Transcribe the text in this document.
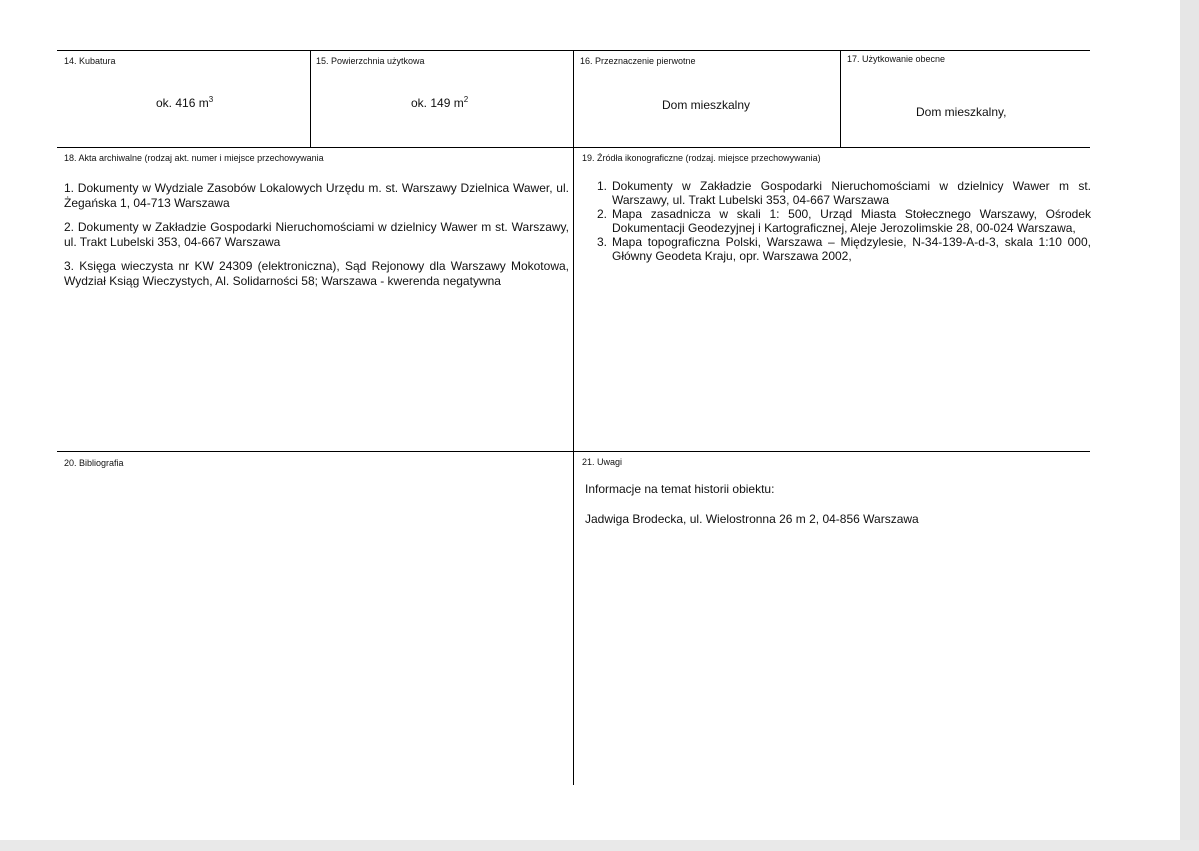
14. Kubatura
ok. 416 $m^3$
15. Powierzchnia użytkowa
ok. 149 $m^2$
16. Przeznaczenie pierwotne
Dom mieszkalny
17. Użytkowanie obecne
Dom mieszkalny,
18. Akta archiwalne (rodzaj akt. numer i miejsce przechowywania
1. Dokumenty w Wydziale Zasobów Lokalowych Urzędu m. st. Warszawy Dzielnica Wawer, ul. Żegańska 1, 04-713 Warszawa
2. Dokumenty w Zakładzie Gospodarki Nieruchomościami w dzielnicy Wawer m st. Warszawy, ul. Trakt Lubelski 353, 04-667 Warszawa
3. Księga wieczysta nr KW 24309 (elektroniczna), Sąd Rejonowy dla Warszawy Mokotowa, Wydział Ksiąg Wieczystych, Al. Solidarności 58; Warszawa - kwerenda negatywna
19. Źródła ikonograficzne (rodzaj. miejsce przechowywania)
1. Dokumenty w Zakładzie Gospodarki Nieruchomościami w dzielnicy Wawer m st. Warszawy, ul. Trakt Lubelski 353, 04-667 Warszawa
2. Mapa zasadnicza w skali 1: 500, Urząd Miasta Stołecznego Warszawy, Ośrodek Dokumentacji Geodezyjnej i Kartograficznej, Aleje Jerozolimskie 28, 00-024 Warszawa,
3. Mapa topograficzna Polski, Warszawa – Międzylesie, N-34-139-A-d-3, skala 1:10 000, Główny Geodeta Kraju, opr. Warszawa 2002,
20. Bibliografia	21. Uwagi
Informacje na temat historii obiektu:
Jadwiga Brodecka, ul. Wielostronna 26 m 2, 04-856 Warszawa
